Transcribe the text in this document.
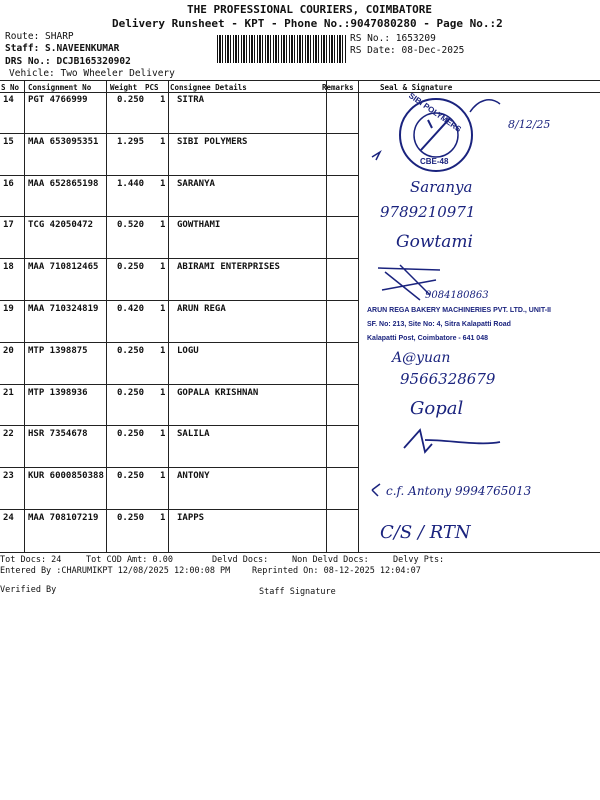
THE PROFESSIONAL COURIERS, COIMBATORE
Delivery Runsheet - KPT - Phone No.:9047080280 - Page No.:2
Route: SHARP
Staff: S.NAVEENKUMAR
DRS No.: DCJB165320902
Vehicle: Two Wheeler Delivery
RS No.: 1653209
RS Date: 08-Dec-2025
S No Consignment No	Weight PCS Consignee Details	Remarks	Seal & Signature
14 PGT 4766999	0.250 1 SITRA
15 MAA 653095351 1.295 1 SIBI POLYMERS
16 MAA 652865198 1.440 1 SARANYA
17 TCG 42050472	0.520 1 GOWTHAMI
18 MAA 710812465 0.250 1 ABIRAMI ENTERPRISES
19 MAA 710324819 0.420 1 ARUN REGA
20 MTP 1398875	0.250 1 LOGU
21 MTP 1398936	0.250 1 GOPALA KRISHNAN
22 HSR 7354678	0.250 1 SALILA
23 KUR 6000850388 0.250 1 ANTONY
24 MAA 708107219 0.250 1 IAPPS
SIBI POLYMERS
CBE-48
8/12/25
Saranya
9789210971
Gowtami
9084180863
ARUN REGA BAKERY MACHINERIES PVT. LTD., UNIT-II
SF. No: 213, Site No: 4, Sitra Kalapatti Road
Kalapatti Post, Coimbatore - 641 048
A@yuan
9566328679
Gopal
c.f. Antony 9994765013
C/S / RTN
Tot Docs: 24	Tot COD Amt: 0.00	Delvd Docs:	Non Delvd Docs:	Delvy Pts:
Entered By :CHARUMIKPT 12/08/2025 12:00:08 PM	Reprinted On: 08-12-2025 12:04:07
Verified By	Staff Signature
